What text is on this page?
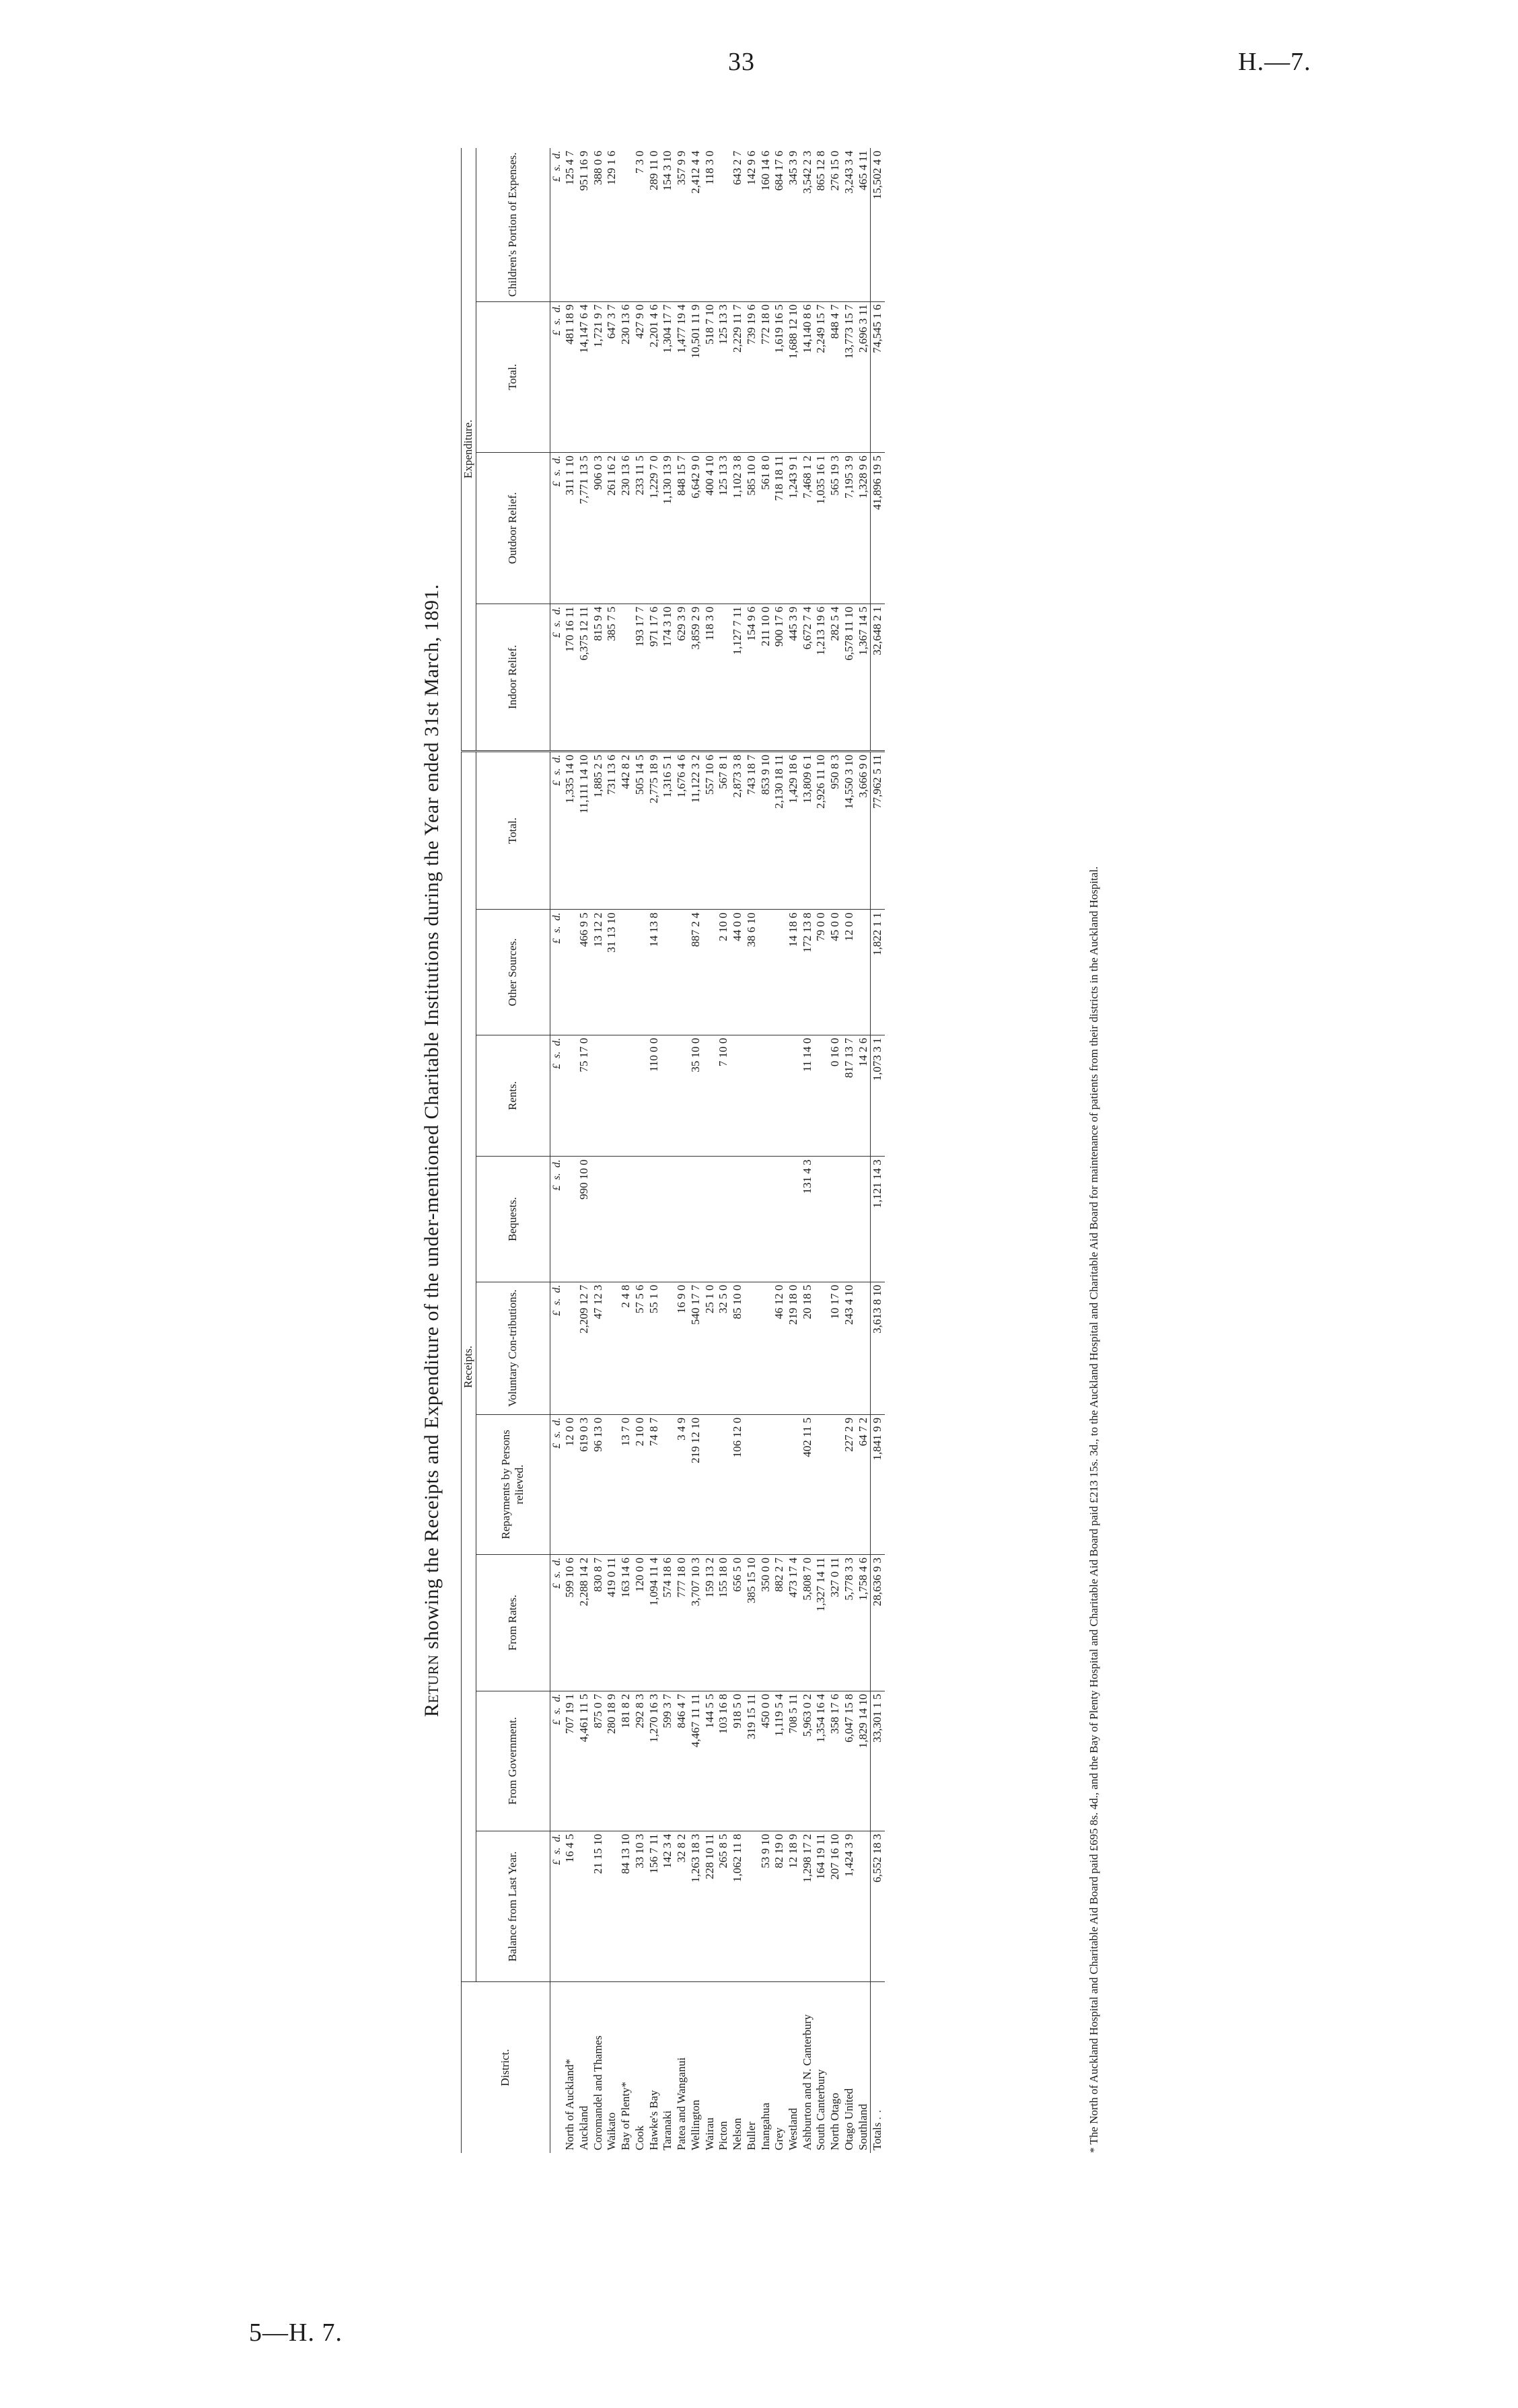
33	H.—7.
5—H. 7.
Return showing the Receipts and Expenditure of the under-mentioned Charitable Institutions during the Year ended 31st March, 1891.
District.	Receipts.									Expenditure.			
	Balance from Last Year.	From Government.	From Rates.	Repayments by Persons relieved.	Voluntary Con-tributions.	Bequests.	Rents.	Other Sources.	Total.	Indoor Relief.	Outdoor Relief.	Total.	Children's Portion of Expenses.
	£  s.  d.	£  s.  d.	£  s.  d.	£  s.  d.	£  s.  d.	£  s.  d.	£  s.  d.	£  s.  d.	£  s.  d.	£  s.  d.	£  s.  d.	£  s.  d.	£  s.  d.
North of Auckland*	16 4 5	707 19 1	599 10 6	12 0 0					1,335 14 0	170 16 11	311 1 10	481 18 9	125 4 7
Auckland		4,461 11 5	2,288 14 2	619 0 3	2,209 12 7	990 10 0	75 17 0	466 9 5	11,111 14 10	6,375 12 11	7,771 13 5	14,147 6 4	951 16 9
Coromandel and Thames	21 15 10	875 0 7	830 8 7	96 13 0	47 12 3			13 12 2	1,885 2 5	815 9 4	906 0 3	1,721 9 7	388 0 6
Waikato		280 18 9	419 0 11					31 13 10	731 13 6	385 7 5	261 16 2	647 3 7	129 1 6
Bay of Plenty*	84 13 10	181 8 2	163 14 6	13 7 0	2 4 8				442 8 2		230 13 6	230 13 6	
Cook	33 10 3	292 8 3	120 0 0	2 10 0	57 5 6				505 14 5	193 17 7	233 11 5	427 9 0	7 3 0
Hawke's Bay	156 7 11	1,270 16 3	1,094 11 4	74 8 7	55 1 0		110 0 0	14 13 8	2,775 18 9	971 17 6	1,229 7 0	2,201 4 6	289 11 0
Taranaki	142 3 4	599 3 7	574 18 6						1,316 5 1	174 3 10	1,130 13 9	1,304 17 7	154 3 10
Patea and Wanganui	32 8 2	846 4 7	777 18 0	3 4 9	16 9 0				1,676 4 6	629 3 9	848 15 7	1,477 19 4	357 9 9
Wellington	1,263 18 3	4,467 11 11	3,707 10 3	219 12 10	540 17 7		35 10 0	887 2 4	11,122 3 2	3,859 2 9	6,642 9 0	10,501 11 9	2,412 4 4
Wairau	228 10 11	144 5 5	159 13 2		25 1 0				557 10 6	118 3 0	400 4 10	518 7 10	118 3 0
Picton	265 8 5	103 16 8	155 18 0		32 5 0		7 10 0	2 10 0	567 8 1		125 13 3	125 13 3	
Nelson	1,062 11 8	918 5 0	656 5 0	106 12 0	85 10 0			44 0 0	2,873 3 8	1,127 7 11	1,102 3 8	2,229 11 7	643 2 7
Buller		319 15 11	385 15 10					38 6 10	743 18 7	154 9 6	585 10 0	739 19 6	142 9 6
Inangahua	53 9 10	450 0 0	350 0 0						853 9 10	211 10 0	561 8 0	772 18 0	160 14 6
Grey	82 19 0	1,119 5 4	882 2 7		46 12 0				2,130 18 11	900 17 6	718 18 11	1,619 16 5	684 17 6
Westland	12 18 9	708 5 11	473 17 4		219 18 0			14 18 6	1,429 18 6	445 3 9	1,243 9 1	1,688 12 10	345 3 9
Ashburton and N. Canterbury	1,298 17 2	5,963 0 2	5,808 7 0	402 11 5	20 18 5	131 4 3	11 14 0	172 13 8	13,809 6 1	6,672 7 4	7,468 1 2	14,140 8 6	3,542 2 3
South Canterbury	164 19 11	1,354 16 4	1,327 14 11					79 0 0	2,926 11 10	1,213 19 6	1,035 16 1	2,249 15 7	865 12 8
North Otago	207 16 10	358 17 6	327 0 11		10 17 0		0 16 0	45 0 0	950 8 3	282 5 4	565 19 3	848 4 7	276 15 0
Otago United	1,424 3 9	6,047 15 8	5,778 3 3	227 2 9	243 4 10		817 13 7	12 0 0	14,550 3 10	6,578 11 10	7,195 3 9	13,773 15 7	3,243 3 4
Southland		1,829 14 10	1,758 4 6	64 7 2			14 2 6		3,666 9 0	1,367 14 5	1,328 9 6	2,696 3 11	465 4 11
Totals ..	6,552 18 3	33,301 1 5	28,636 9 3	1,841 9 9	3,613 8 10	1,121 14 3	1,073 3 1	1,822 1 1	77,962 5 11	32,648 2 1	41,896 19 5	74,545 1 6	15,502 4 0
* The North of Auckland Hospital and Charitable Aid Board paid £695 8s. 4d., and the Bay of Plenty Hospital and Charitable Aid Board paid £213 15s. 3d., to the Auckland Hospital and Charitable Aid Board for maintenance of patients from their districts in the Auckland Hospital.
